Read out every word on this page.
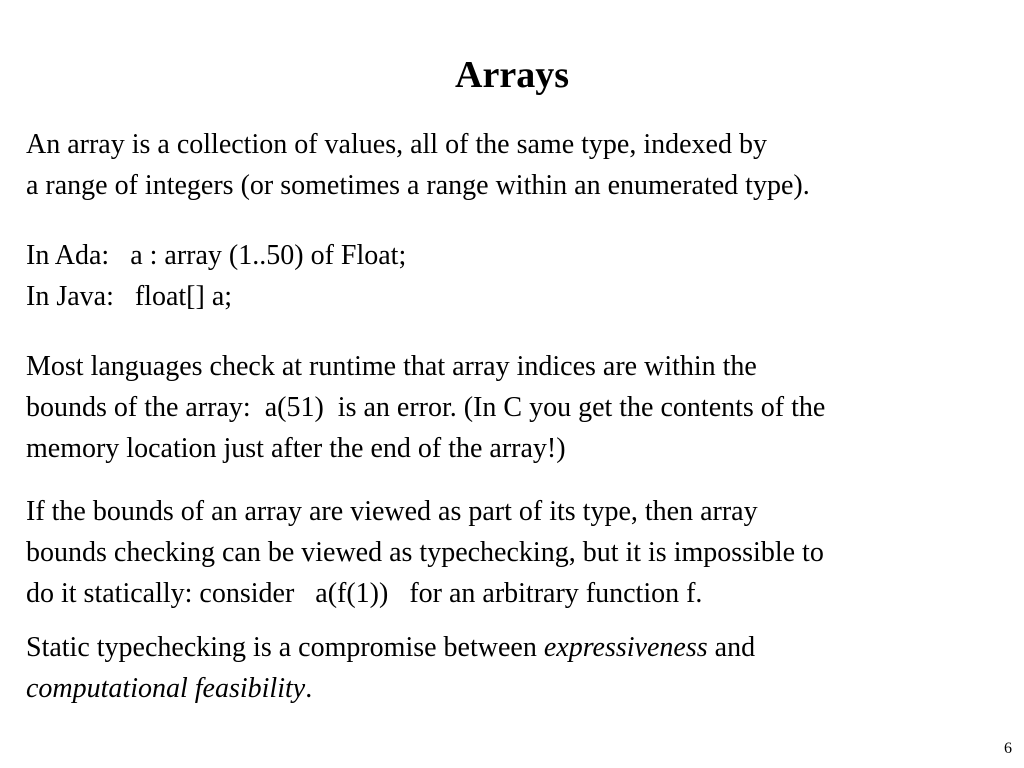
Arrays

An array is a collection of values, all of the same type, indexed by
a range of integers (or sometimes a range within an enumerated type).

In Ada:   a : array (1..50) of Float;
In Java:   float[] a;

Most languages check at runtime that array indices are within the
bounds of the array:  a(51)  is an error. (In C you get the contents of the
memory location just after the end of the array!)

If the bounds of an array are viewed as part of its type, then array
bounds checking can be viewed as typechecking, but it is impossible to
do it statically: consider   a(f(1))   for an arbitrary function f.

Static typechecking is a compromise between expressiveness and
computational feasibility.

6
